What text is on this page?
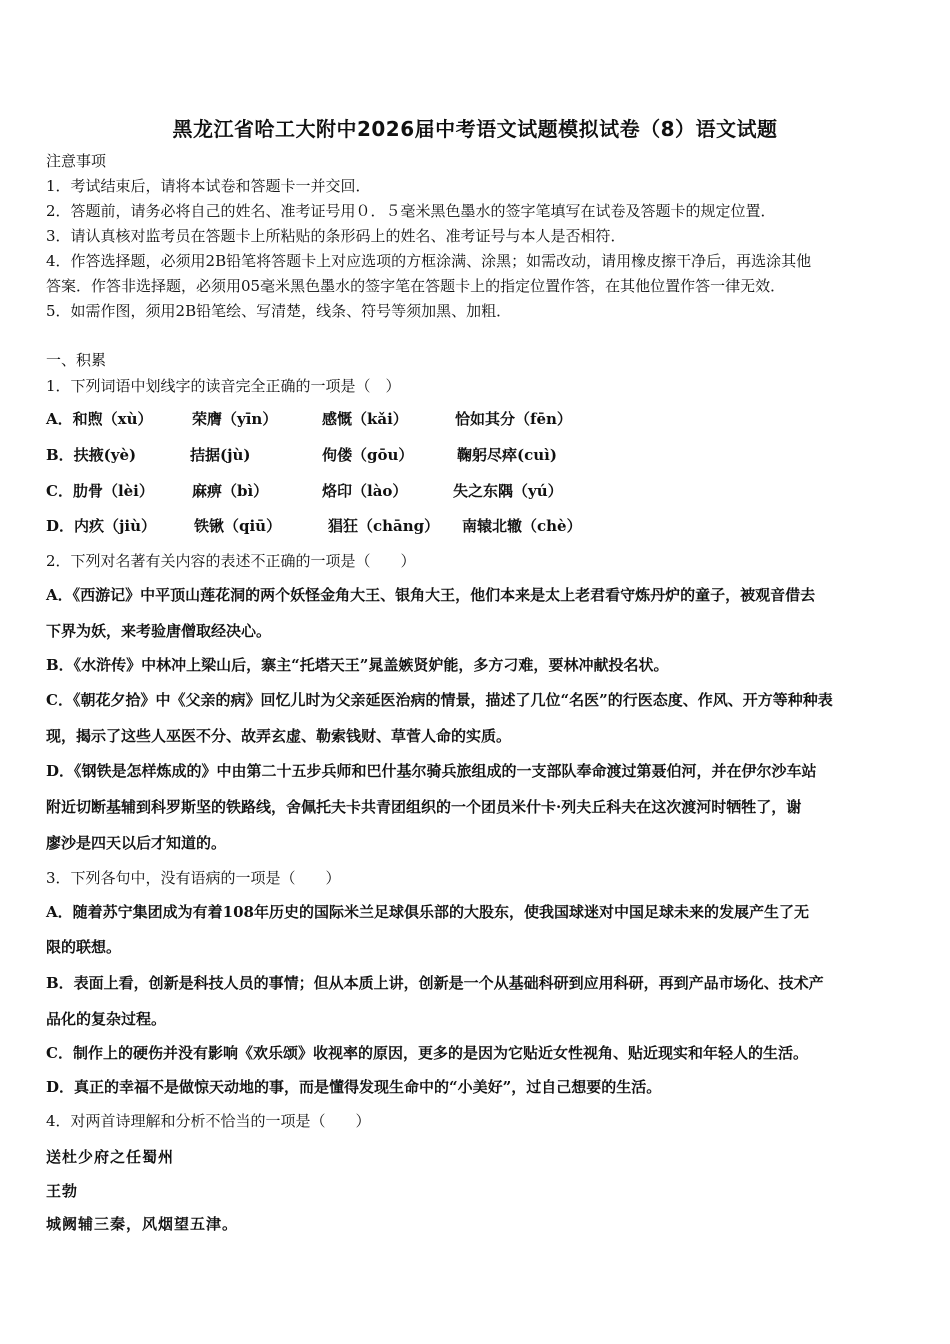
黑龙江省哈工大附中2026届中考语文试题模拟试卷（8）语文试题
注意事项
1．考试结束后，请将本试卷和答题卡一并交回．
2．答题前，请务必将自己的姓名、准考证号用０．５毫米黑色墨水的签字笔填写在试卷及答题卡的规定位置．
3．请认真核对监考员在答题卡上所粘贴的条形码上的姓名、准考证号与本人是否相符．
4．作答选择题，必须用2B铅笔将答题卡上对应选项的方框涂满、涂黑；如需改动，请用橡皮擦干净后，再选涂其他
答案．作答非选择题，必须用05毫米黑色墨水的签字笔在答题卡上的指定位置作答，在其他位置作答一律无效．
5．如需作图，须用2B铅笔绘、写清楚，线条、符号等须加黑、加粗．
一、积累
1．下列词语中划线字的读音完全正确的一项是（　）
A．和煦（xù）	荣膺（yīn）	感慨（kǎi）	恰如其分（fēn）
B．扶掖(yè)	拮据(jù)	佝偻（gōu）	鞠躬尽瘁(cuì)
C．肋骨（lèi）	麻痹（bì）	烙印（lào）	失之东隅（yú）
D．内疚（jiù）	铁锹（qiū）	猖狂（chāng） 南辕北辙（chè）
2．下列对名著有关内容的表述不正确的一项是（　　）
A．《西游记》中平顶山莲花洞的两个妖怪金角大王、银角大王，他们本来是太上老君看守炼丹炉的童子，被观音借去
下界为妖，来考验唐僧取经决心。
B．《水浒传》中林冲上梁山后，寨主“托塔天王”晁盖嫉贤妒能，多方刁难，要林冲献投名状。
C．《朝花夕拾》中《父亲的病》回忆儿时为父亲延医治病的情景，描述了几位“名医”的行医态度、作风、开方等种种表
现，揭示了这些人巫医不分、故弄玄虚、勒索钱财、草菅人命的实质。
D．《钢铁是怎样炼成的》中由第二十五步兵师和巴什基尔骑兵旅组成的一支部队奉命渡过第聂伯河，并在伊尔沙车站
附近切断基辅到科罗斯坚的铁路线，舍佩托夫卡共青团组织的一个团员米什卡·列夫丘科夫在这次渡河时牺牲了，谢
廖沙是四天以后才知道的。
3．下列各句中，没有语病的一项是（　　）
A．随着苏宁集团成为有着108年历史的国际米兰足球俱乐部的大股东，使我国球迷对中国足球未来的发展产生了无
限的联想。
B．表面上看，创新是科技人员的事情；但从本质上讲，创新是一个从基础科研到应用科研，再到产品市场化、技术产
品化的复杂过程。
C．制作上的硬伤并没有影响《欢乐颂》收视率的原因，更多的是因为它贴近女性视角、贴近现实和年轻人的生活。
D．真正的幸福不是做惊天动地的事，而是懂得发现生命中的“小美好”，过自己想要的生活。
4．对两首诗理解和分析不恰当的一项是（　　）
送杜少府之任蜀州
王勃
城阙辅三秦，风烟望五津。
